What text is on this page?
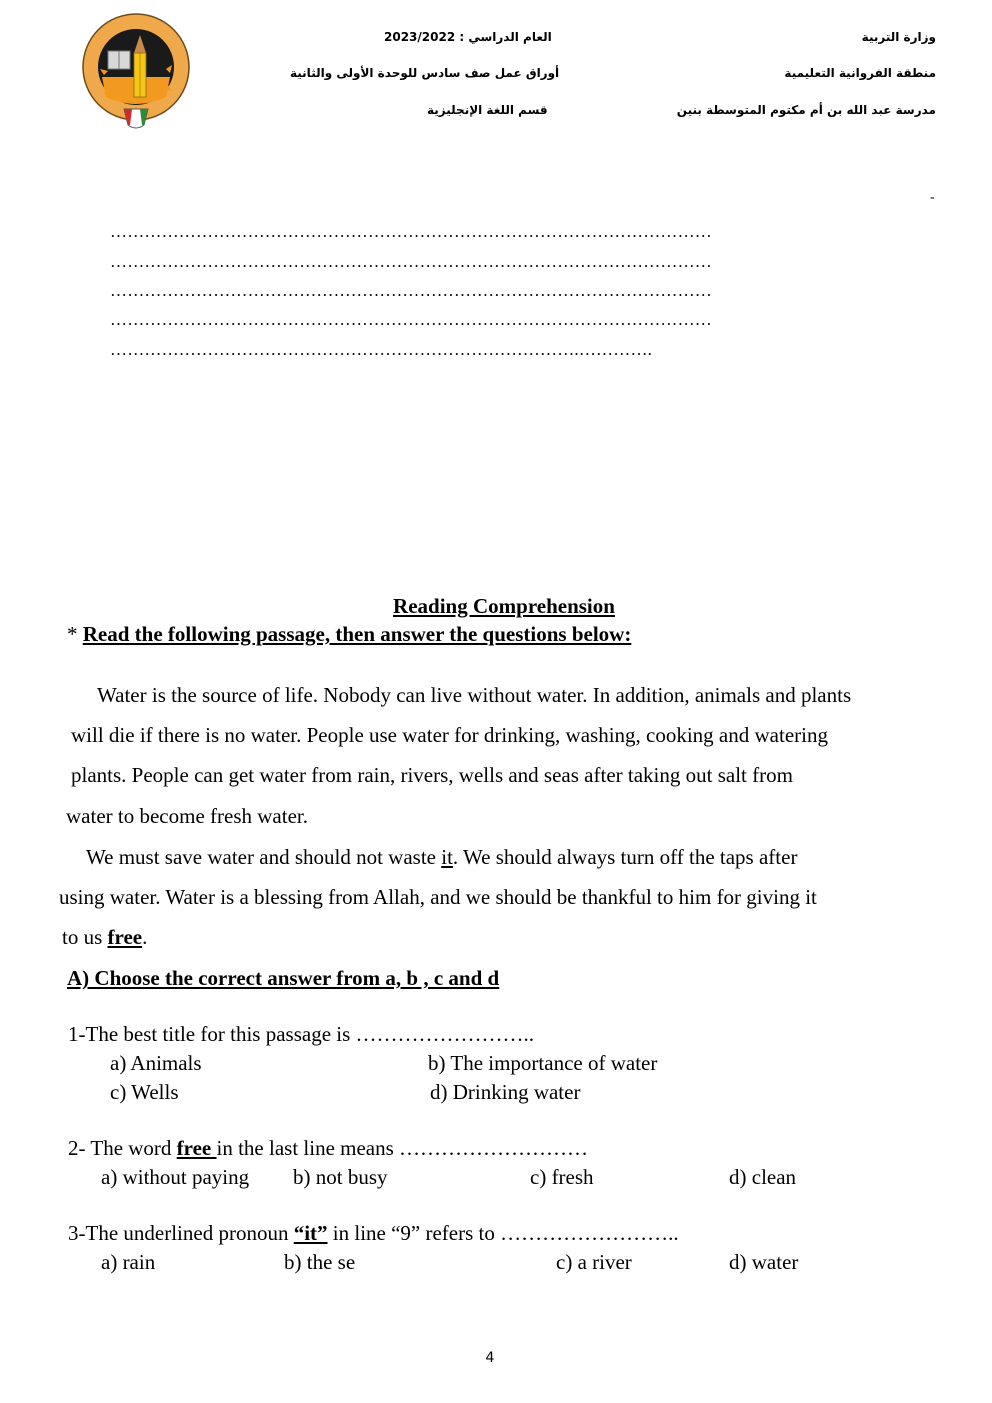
العام الدراسي : 2023/2022
أوراق عمل صف سادس للوحدة الأولى والثانية
قسم اللغة الإنجليزية
وزارة التربية
منطقة الفروانية التعليمية
مدرسة عبد الله بن أم مكتوم المتوسطة بنين
-
……………………………………………………………………………………………
……………………………………………………………………………………………
……………………………………………………………………………………………
……………………………………………………………………………………………
……………………………………………………………………….………….
Reading Comprehension
* Read the following passage, then answer the questions below:
Water is the source of life. Nobody can live without water. In addition, animals and plants
will die if there is no water. People use water for drinking, washing, cooking and watering
plants. People can get water from rain, rivers, wells and seas after taking out salt from
water to become fresh water.
We must save water and should not waste it. We should always turn off the taps after
using water. Water is a blessing from Allah, and we should be thankful to him for giving it
to us free.
A) Choose the correct answer from a, b , c and d
1-The best title for this passage is ……………………..
a) Animals	b) The importance of water
c) Wells	d) Drinking water
2- The word free in the last line means ………………………
a) without paying b) not busy	c) fresh	d) clean
3-The underlined pronoun “it” in line “9” refers to ……………………..
a) rain	b) the se	c) a river	d) water
4
